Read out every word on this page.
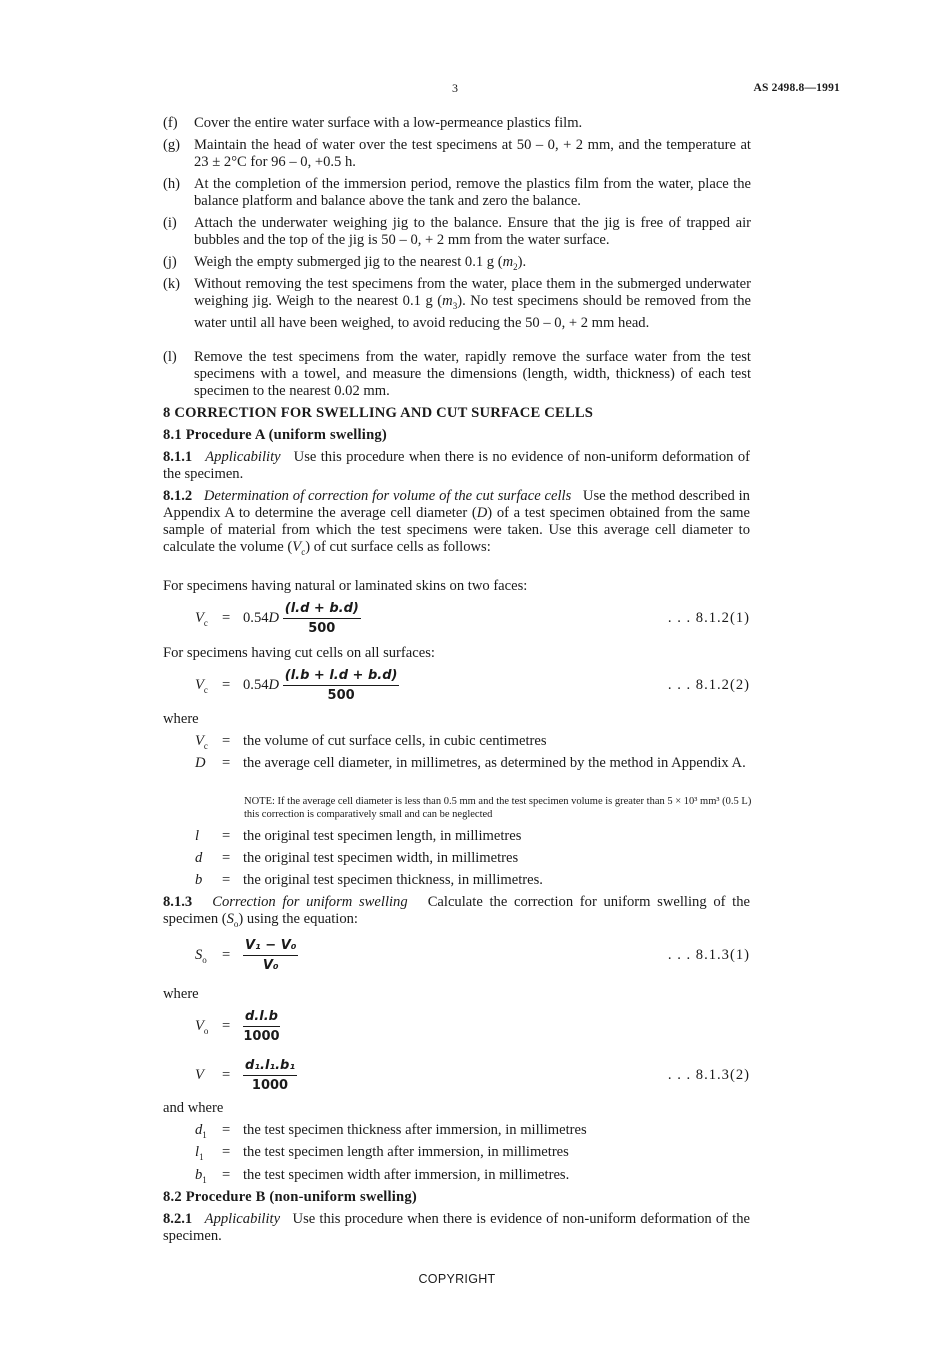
3	AS 2498.8—1991
(f) Cover the entire water surface with a low-permeance plastics film.
(g) Maintain the head of water over the test specimens at 50 – 0, + 2 mm, and the temperature at 23 ± 2°C for 96 – 0, +0.5 h.
(h) At the completion of the immersion period, remove the plastics film from the water, place the balance platform and balance above the tank and zero the balance.
(i) Attach the underwater weighing jig to the balance. Ensure that the jig is free of trapped air bubbles and the top of the jig is 50 – 0, + 2 mm from the water surface.
(j) Weigh the empty submerged jig to the nearest 0.1 g $(m_2)$.
(k) Without removing the test specimens from the water, place them in the submerged underwater weighing jig. Weigh to the nearest 0.1 g $(m_3)$. No test specimens should be removed from the water until all have been weighed, to avoid reducing the 50 – 0, + 2 mm head.
(l) Remove the test specimens from the water, rapidly remove the surface water from the test specimens with a towel, and measure the dimensions (length, width, thickness) of each test specimen to the nearest 0.02 mm.
8 CORRECTION FOR SWELLING AND CUT SURFACE CELLS
8.1 Procedure A (uniform swelling)
8.1.1 Applicability Use this procedure when there is no evidence of non-uniform deformation of the specimen.
8.1.2 Determination of correction for volume of the cut surface cells Use the method described in Appendix A to determine the average cell diameter (D) of a test specimen obtained from the same sample of material from which the test specimens were taken. Use this average cell diameter to calculate the volume $(V_c)$ of cut surface cells as follows:
For specimens having natural or laminated skins on two faces:
$V_c = 0.54D \frac{(l.d + b.d)}{500}$	. . . 8.1.2(1)
For specimens having cut cells on all surfaces:
$V_c = 0.54D \frac{(l.b + l.d + b.d)}{500}$	. . . 8.1.2(2)
where
$V_c$ = the volume of cut surface cells, in cubic centimetres
D = the average cell diameter, in millimetres, as determined by the method in Appendix A.
NOTE: If the average cell diameter is less than 0.5 mm and the test specimen volume is greater than 5 × 10³ mm³ (0.5 L) this correction is comparatively small and can be neglected
l = the original test specimen length, in millimetres
d = the original test specimen width, in millimetres
b = the original test specimen thickness, in millimetres.
8.1.3 Correction for uniform swelling Calculate the correction for uniform swelling of the specimen $(S_o)$ using the equation:
$S_o = \frac{\text{V₁ − V₀}}{\text{V₀}}$	. . . 8.1.3(1)
where
$V_o = \frac{d.l.b}{1000}$
$V = \frac{\text{d₁.l₁.b₁}}{1000}$	. . . 8.1.3(2)
and where
$d_1$ = the test specimen thickness after immersion, in millimetres
$l_1$ = the test specimen length after immersion, in millimetres
$b_1$ = the test specimen width after immersion, in millimetres.
8.2 Procedure B (non-uniform swelling)
8.2.1 Applicability Use this procedure when there is evidence of non-uniform deformation of the specimen.
COPYRIGHT
